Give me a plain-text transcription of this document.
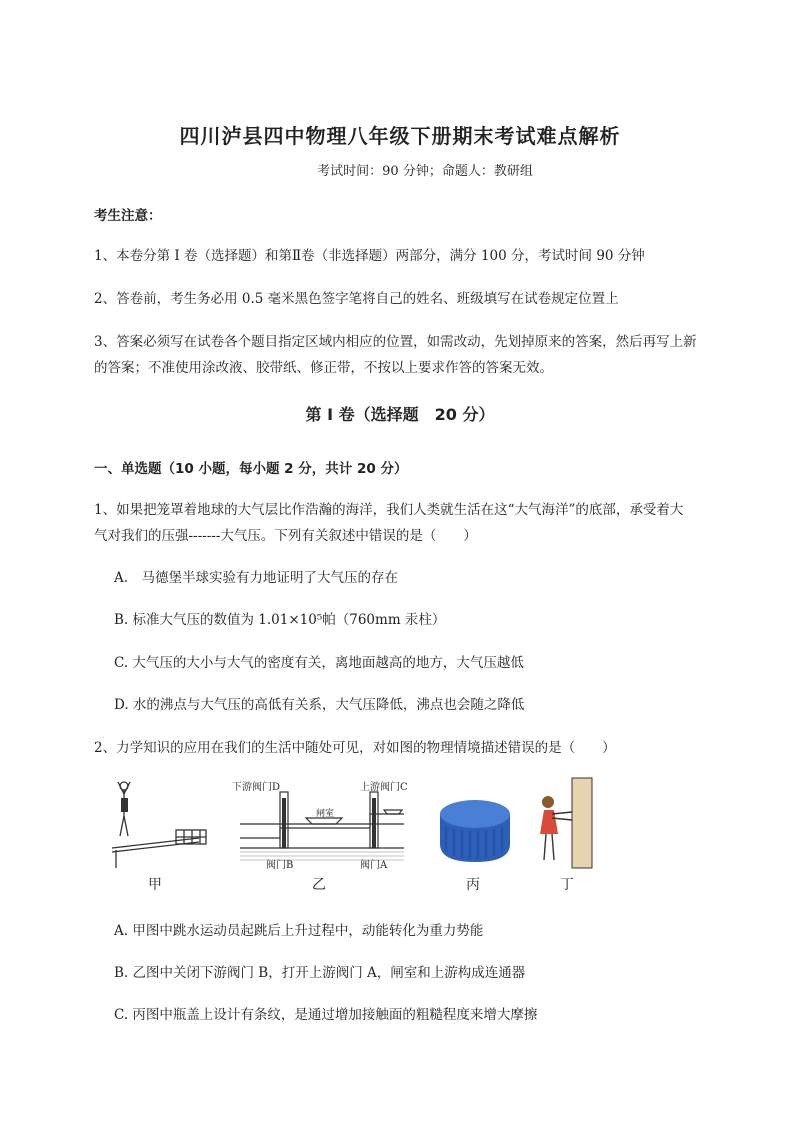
四川泸县四中物理八年级下册期末考试难点解析
考试时间：90 分钟；命题人：教研组
考生注意：
1、本卷分第 I 卷（选择题）和第Ⅱ卷（非选择题）两部分，满分 100 分，考试时间 90 分钟
2、答卷前，考生务必用 0.5 毫米黑色签字笔将自己的姓名、班级填写在试卷规定位置上
3、答案必须写在试卷各个题目指定区域内相应的位置，如需改动，先划掉原来的答案，然后再写上新
的答案；不准使用涂改液、胶带纸、修正带，不按以上要求作答的答案无效。
第 I 卷（选择题　20 分）
一、单选题（10 小题，每小题 2 分，共计 20 分）
1、如果把笼罩着地球的大气层比作浩瀚的海洋，我们人类就生活在这“大气海洋”的底部，承受着大
气对我们的压强-------大气压。下列有关叙述中错误的是（　　）
A.　马德堡半球实验有力地证明了大气压的存在
B. 标准大气压的数值为 1.01×10⁵帕（760mm 汞柱）
C. 大气压的大小与大气的密度有关，离地面越高的地方，大气压越低
D. 水的沸点与大气压的高低有关系，大气压降低，沸点也会随之降低
2、力学知识的应用在我们的生活中随处可见，对如图的物理情境描述错误的是（　　）
甲
下游阀门D	上游阀门C
闸室
阀门B	阀门A
乙	丙	丁
A. 甲图中跳水运动员起跳后上升过程中，动能转化为重力势能
B. 乙图中关闭下游阀门 B，打开上游阀门 A，闸室和上游构成连通器
C. 丙图中瓶盖上设计有条纹，是通过增加接触面的粗糙程度来增大摩擦
